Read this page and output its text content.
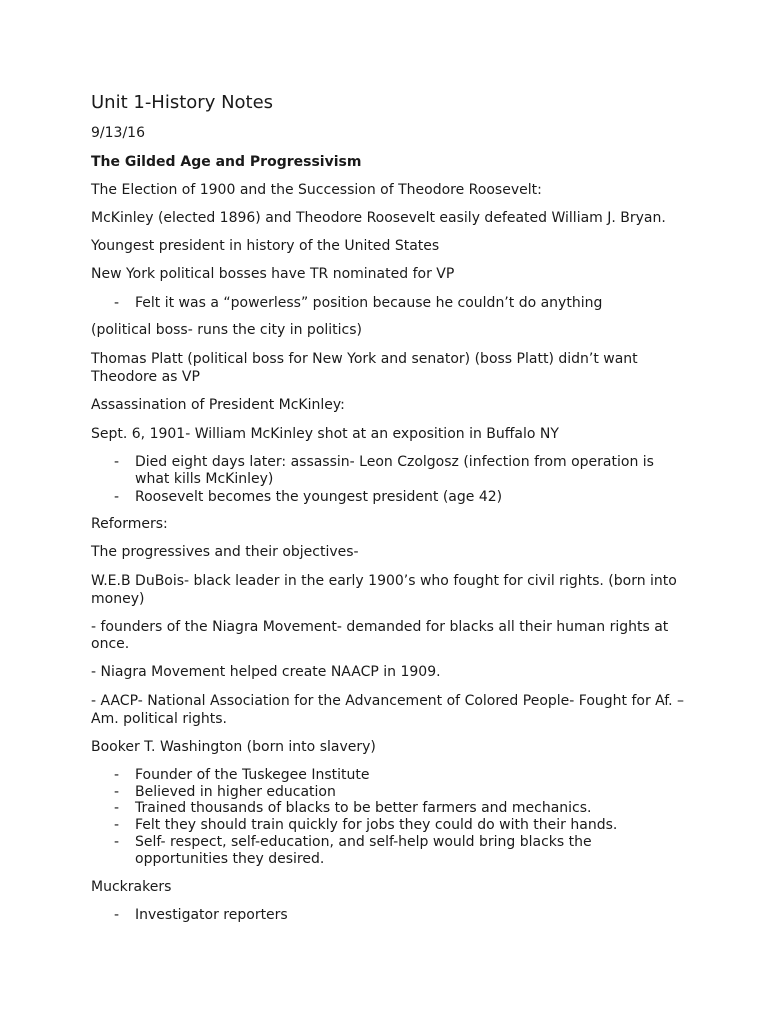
Unit 1-History Notes
9/13/16
The Gilded Age and Progressivism
The Election of 1900 and the Succession of Theodore Roosevelt:
McKinley (elected 1896) and Theodore Roosevelt easily defeated William J. Bryan.
Youngest president in history of the United States
New York political bosses have TR nominated for VP
- Felt it was a “powerless” position because he couldn’t do anything
(political boss- runs the city in politics)
Thomas Platt (political boss for New York and senator) (boss Platt) didn’t want
Theodore as VP
Assassination of President McKinley:
Sept. 6, 1901- William McKinley shot at an exposition in Buffalo NY
- Died eight days later: assassin- Leon Czolgosz (infection from operation is
what kills McKinley)
- Roosevelt becomes the youngest president (age 42)
Reformers:
The progressives and their objectives-
W.E.B DuBois- black leader in the early 1900’s who fought for civil rights. (born into
money)
- founders of the Niagra Movement- demanded for blacks all their human rights at
once.
- Niagra Movement helped create NAACP in 1909.
- AACP- National Association for the Advancement of Colored People- Fought for Af. –
Am. political rights.
Booker T. Washington (born into slavery)
- Founder of the Tuskegee Institute
- Believed in higher education
- Trained thousands of blacks to be better farmers and mechanics.
- Felt they should train quickly for jobs they could do with their hands.
- Self- respect, self-education, and self-help would bring blacks the
opportunities they desired.
Muckrakers
- Investigator reporters
